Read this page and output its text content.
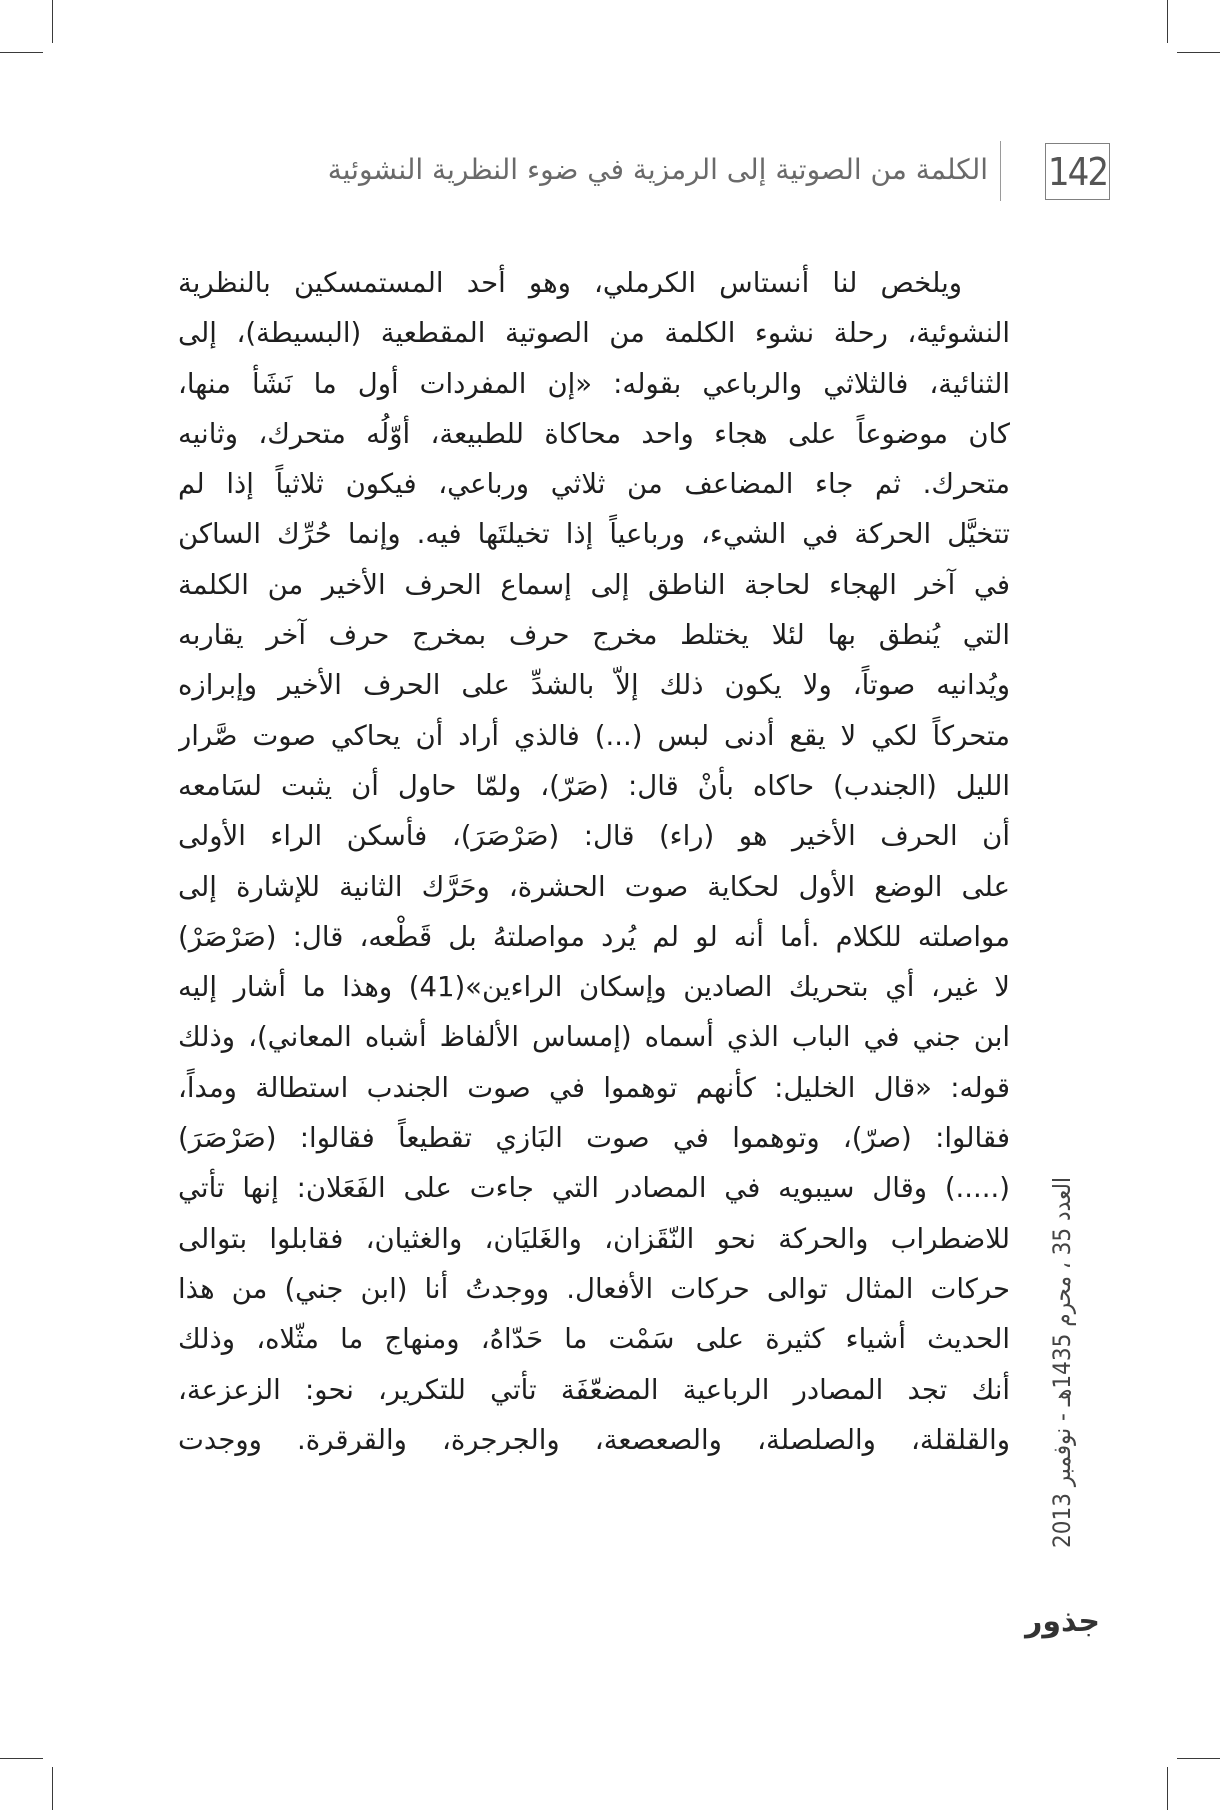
142
الكلمة من الصوتية إلى الرمزية في ضوء النظرية النشوئية
ويلخص لنا أنستاس الكرملي، وهو أحد المستمسكين بالنظرية
النشوئية، رحلة نشوء الكلمة من الصوتية المقطعية (البسيطة)، إلى
الثنائية، فالثلاثي والرباعي بقوله: «إن المفردات أول ما نَشَأ منها،
كان موضوعاً على هجاء واحد محاكاة للطبيعة، أوّلُه متحرك، وثانيه
متحرك. ثم جاء المضاعف من ثلاثي ورباعي، فيكون ثلاثياً إذا لم
تتخيَّل الحركة في الشيء، ورباعياً إذا تخيلتَها فيه. وإنما حُرِّك الساكن
في آخر الهجاء لحاجة الناطق إلى إسماع الحرف الأخير من الكلمة
التي يُنطق بها لئلا يختلط مخرج حرف بمخرج حرف آخر يقاربه
ويُدانيه صوتاً، ولا يكون ذلك إلاّ بالشدِّ على الحرف الأخير وإبرازه
متحركاً لكي لا يقع أدنى لبس (...) فالذي أراد أن يحاكي صوت صَّرار
الليل (الجندب) حاكاه بأنْ قال: (صَرّ)، ولمّا حاول أن يثبت لسَامعه
أن الحرف الأخير هو (راء) قال: (صَرْصَرَ)، فأسكن الراء الأولى
على الوضع الأول لحكاية صوت الحشرة، وحَرَّك الثانية للإشارة إلى
مواصلته للكلام .أما أنه لو لم يُرد مواصلتهُ بل قَطْعه، قال: (صَرْصَرْ)
لا غير، أي بتحريك الصادين وإسكان الراءين»(41) وهذا ما أشار إليه
ابن جني في الباب الذي أسماه (إمساس الألفاظ أشباه المعاني)، وذلك
قوله: «قال الخليل: كأنهم توهموا في صوت الجندب استطالة ومداً،
فقالوا: (صرّ)، وتوهموا في صوت البَازي تقطيعاً فقالوا: (صَرْصَرَ)
(.....) وقال سيبويه في المصادر التي جاءت على الفَعَلان: إنها تأتي
للاضطراب والحركة نحو النّقَزان، والغَليَان، والغثيان، فقابلوا بتوالى
حركات المثال توالى حركات الأفعال. ووجدتُ أنا (ابن جني) من هذا
الحديث أشياء كثيرة على سَمْت ما حَدّاهُ، ومنهاج ما مثّلاه، وذلك
أنك تجد المصادر الرباعية المضعّفَة تأتي للتكرير، نحو: الزعزعة،
والقلقلة، والصلصلة، والصعصعة، والجرجرة، والقرقرة. ووجدت
العدد 35 ، محرم 1435هـ - نوفمبر 2013
جذور
